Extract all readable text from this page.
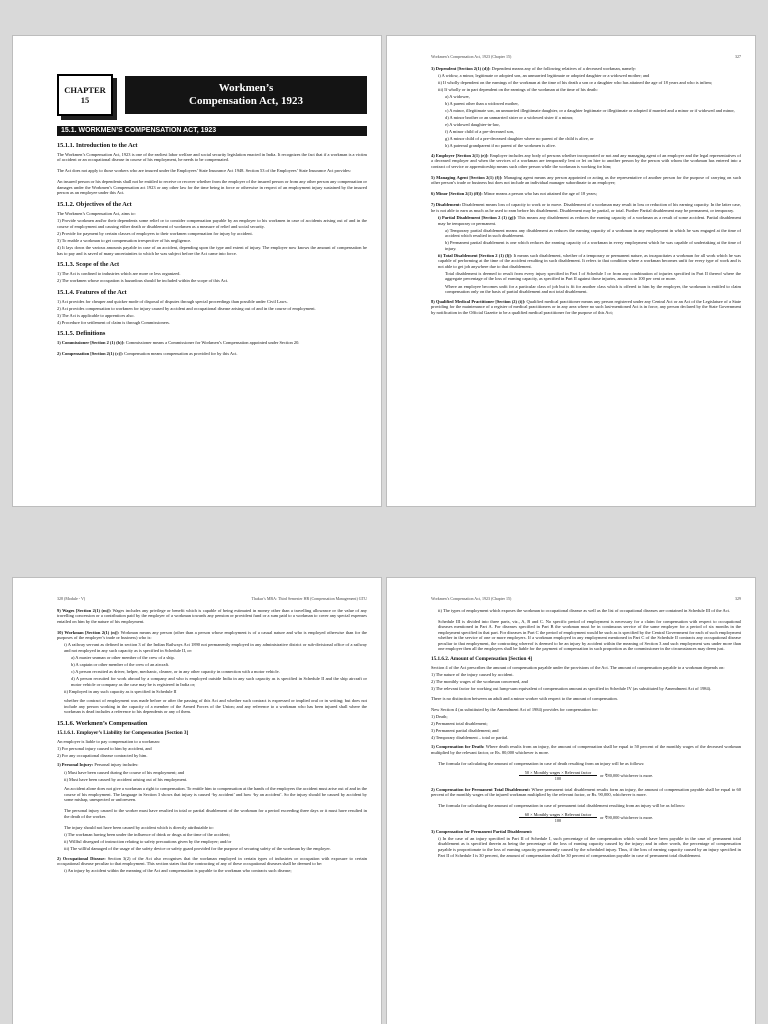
CHAPTER
15
Workmen’s
Compensation Act, 1923
15.1. WORKMEN’S COMPENSATION ACT, 1923
15.1.1. Introduction to the Act

The Workmen’s Compensation Act, 1923 is one of the earliest labor welfare and social security legislation enacted in India. It recognizes the fact that if a workman is a victim of accident or an occupational disease in course of his employment, he needs to be compensated.

The Act does not apply to those workers who are insured under the Employees’ State Insurance Act 1948. Section 53 of the Employees’ State Insurance Act provides:

An insured person or his dependents shall not be entitled to receive or recover whether from the employer of the insured person or from any other person any compensation or damages under the Workmen’s Compensation act 1923 or any other law for the time being in force or otherwise in respect of an employment injury sustained by the insured person as an employee under this Act.

15.1.2. Objectives of the Act
The Workmen’s Compensation Act, aims to:
1) Provide workmen and/or their dependents some relief or to consider compensation payable by an employer to his workmen in case of accidents arising out of and in the course of employment and causing either death or disablement of workmen as a measure of relief and social security.
2) Provide for payment by certain classes of employers to their workmen compensation for injury by accident.
3) To enable a workman to get compensation irrespective of his negligence.
4) It lays down the various amounts payable in case of an accident, depending upon the type and extent of injury. The employer now knows the amount of compensation he has to pay and is saved of many uncertainties to which he was subject before the Act came into force.
15.1.3. Scope of the Act
1) The Act is confined to industries which are more or less organized.
2) The workmen whose occupation is hazardous should be included within the scope of this Act.
15.1.4. Features of the Act
1) Act provides for cheaper and quicker mode of disposal of disputes through special proceedings than possible under Civil Laws.
2) Act provides compensation to workmen for injury caused by accident and occupational disease arising out of and in the course of employment.
3) The Act is applicable to apprentices also.
4) Procedure for settlement of claim is through Commissioners.
15.1.5. Definitions

1) Commissioner [Section 2 (1) (b)]: Commissioner means a Commissioner for Workmen’s Compensation appointed under Section 20.

2) Compensation [Section 2(1) (c)]: Compensation means compensation as provided for by this Act.

Workmen’s Compensation Act, 1923 (Chapter 15)	327
3) Dependent [Section 2(1) (d)]: Dependent means any of the following relatives of a deceased workman, namely:
i) A widow, a minor, legitimate or adopted son, an unmarried legitimate or adopted daughter or a widowed mother; and
ii) If wholly dependent on the earnings of the workman at the time of his death a son or a daughter who has attained the age of 18 years and who is infirm;
iii) If wholly or in part dependent on the earnings of the workman at the time of his death:
a) A widower,
b) A parent other than a widowed mother,
c) A minor, illegitimate son, an unmarried illegitimate daughter, or a daughter legitimate or illegitimate or adopted if married and a minor or if widowed and minor,
d) A minor brother or an unmarried sister or a widowed sister if a minor,
e) A widowed daughter-in-law,
f) A minor child of a pre-deceased son,
g) A minor child of a pre-deceased daughter where no parent of the child is alive, or
h) A paternal grandparent if no parent of the workmen is alive.

4) Employer [Section 2(1) (e)]: Employer includes any body of persons whether incorporated or not and any managing agent of an employer and the legal representatives of a deceased employer and when the services of a workman are temporarily lent or let on hire to another person by the person with whom the workman has entered into a contract of service or apprenticeship means such other person while the workman is working for him;

5) Managing Agent [Section 2(1) (f)]: Managing agent means any person appointed or acting as the representative of another person for the purpose of carrying on such other person’s trade or business but does not include an individual manager subordinate to an employer;

6) Minor [Section 2(1) (ff)]: Minor means a person who has not attained the age of 18 years;

7) Disablement: Disablement means loss of capacity to work or to move. Disablement of a workman may result in loss or reduction of his earning capacity. In the latter case, he is not able to earn as much as he used to earn before his disablement. Disablement may be partial, or total. Further Partial disablement may be permanent, or temporary.
i) Partial Disablement [Section 2 (1) (g)]: This means any disablement as reduces the earning capacity of a workman as a result of some accident. Partial disablement may be temporary or permanent.
a) Temporary partial disablement means any disablement as reduces the earning capacity of a workman in any employment in which he was engaged at the time of accident which resulted in such disablement.
b) Permanent partial disablement is one which reduces the earning capacity of a workman in every employment which he was capable of undertaking at the time of injury.
ii) Total Disablement [Section 2 (1) (l)]: It means such disablement, whether of a temporary or permanent nature, as incapacitates a workman for all work which he was capable of performing at the time of the accident resulting in such disablement. It refers to that condition where a workman becomes unfit for every type of work and is not able to get job anywhere due to that disablement.
Total disablement is deemed to result from every injury specified in Part I of Schedule I or from any combination of injuries specified in Part II thereof where the aggregate percentage of the loss of earning capacity, as specified in Part II against those injuries, amounts to 100 per cent or more.
Where an employee becomes unfit for a particular class of job but is fit for another class which is offered to him by the employer, the workman is entitled to claim compensation only on the basis of partial disablement and not total disablement.

8) Qualified Medical Practitioner [Section (2) (i)]: Qualified medical practitioner means any person registered under any Central Act or an Act of the Legislature of a State providing for the maintenance of a register of medical practitioners or in any area where no such last-mentioned Act is in force, any person declared by the State Government by notification in the Official Gazette to be a qualified medical practitioner for the purpose of this Act;

328 (Module - V)	Thakur’s MBA: Third Semester HR (Compensation Management) GTU

9) Wages [Section 2(1) (m)]: Wages includes any privilege or benefit which is capable of being estimated in money other than a travelling allowance or the value of any travelling concession or a contribution paid by the employer of a workman towards any pension or provident fund or a sum paid to a workman to cover any special expenses entailed on him by the nature of his employment.

10) Workman [Section 2(1) (n)]: Workman means any person (other than a person whose employment is of a casual nature and who is employed otherwise than for the purposes of the employer’s trade or business) who is:
i) A railway servant as defined in section 3 of the Indian Railways Act 1890 not permanently employed in any administrative district or sub-divisional office of a railway and not employed in any such capacity as is specified in Schedule II, or:
a) A master seaman or other member of the crew of a ship.
b) A captain or other member of the crew of an aircraft.
c) A person recruited as driver, helper, mechanic, cleaner, or in any other capacity in connection with a motor vehicle.
d) A person recruited for work abroad by a company and who is employed outside India in any such capacity as is specified in Schedule II and the ship aircraft or motor vehicle or company as the case may be is registered in India or;
ii) Employed in any such capacity as is specified in Schedule II

whether the contract of employment was made before or after the passing of this Act and whether such contract is expressed or implied oral or in writing; but does not include any person working in the capacity of a member of the Armed Forces of the Union; and any reference to a workman who has been injured shall where the workman is dead includes a reference to his dependents or any of them.

15.1.6. Workmen’s Compensation
15.1.6.1. Employer’s Liability for Compensation [Section 3]
An employer is liable to pay compensation to a workman:
1) For personal injury caused to him by accident, and
2) For any occupational disease contracted by him.
1) Personal Injury: Personal injury includes:
i) Must have been caused during the course of his employment; and
ii) Must have been caused by accident arising out of his employment.

An accident alone does not give a workman a right to compensation. To entitle him to compensation at the hands of the employers the accident must arise out of and in the course of his employment. The language in Section 3 shows that injury is caused ‘by accident’ and how ‘by an accident’. So the injury should be caused by accident by some mishap, unexpected or unforeseen.

The personal injury caused to the worker must have resulted in total or partial disablement of the workman for a period exceeding three days or it must have resulted in the death of the worker.

The injury should not have been caused by accident which is directly attributable to:
i) The workman having been under the influence of drink or drugs at the time of the accident;
ii) Willful disregard of instruction relating to safety precautions given by the employer; and/or
iii) The willful damaged of the usage of the safety device or safety guard provided for the purpose of securing safety of the workman by the employer.
2) Occupational Disease: Section 3(2) of the Act also recognises that the workman employed in certain types of industries or occupation with exposure to certain occupational disease peculiar to that employment. This section states that the contracting of any of these occupational diseases shall be deemed to be:
i) An injury by accident within the meaning of the Act and compensation is payable to the workman who contracts such disease;
Workmen’s Compensation Act, 1923 (Chapter 15)	329

ii) The types of employment which exposes the workman to occupational disease as well as the list of occupational diseases are contained in Schedule III of the Act.

Schedule III is divided into three parts, viz., A, B and C. No specific period of employment is necessary for a claim for compensation with respect to occupational diseases mentioned in Part A. For diseases specified in Part B the workman must be in continuous service of the same employer for a period of six months in the employment specified in that part. For diseases in Part C the period of employment would be such as is specified by the Central Government for each of such employment whether in the service of one or more employers. If a workman employed in any employment mentioned in Part C of the Schedule II contracts any occupational disease peculiar to that employment, the contracting whereof is deemed to be an injury by accident within the meaning of Section 3 and such employment was under more than one employer then all the employers shall be liable for the payment of compensation in such proportion as the commissioner in the circumstances may deem just.

15.1.6.2. Amount of Compensation [Section 4]
Section 4 of the Act prescribes the amount of compensation payable under the provisions of the Act. The amount of compensation payable to a workman depends on:
1) The nature of the injury caused by accident.
2) The monthly wages of the workman concerned, and
3) The relevant factor for working out lump-sum equivalent of compensation amount as specified in Schedule IV (as substituted by Amendment Act of 1984).

There is no distinction between an adult and a minor worker with respect to the amount of compensation.

New Section 4 (as substituted by the Amendment Act of 1984) provides for compensation for:
1) Death;
2) Permanent total disablement;
3) Permanent partial disablement; and
4) Temporary disablement – total or partial.

1) Compensation for Death: Where death results from an injury, the amount of compensation shall be equal to 50 percent of the monthly wages of the deceased workman multiplied by the relevant factor, or Rs. 80,000 whichever is more.

The formula for calculating the amount of compensation in case of death resulting from an injury will be as follows:
50 × Monthly wages × Relevant factor
100
or ₹80,000 whichever is more.

2) Compensation for Permanent Total Disablement: Where permanent total disablement results form an injury, the amount of compensation payable shall be equal to 60 percent of the monthly wages of the injured workman multiplied by the relevant factor, or Rs. 90,000, whichever is more.

The formula for calculating the amount of compensation in case of permanent total disablement resulting from an injury will be as follows:
60 × Monthly wages × Relevant factor
100
or ₹90,000 whichever is more.
3) Compensation for Permanent Partial Disablement:
i) In the case of an injury specified in Part II of Schedule I, such percentage of the compensation which would have been payable in the case of permanent total disablement as is specified therein as being the percentage of the loss of earning capacity caused by the injury; and in other words, the percentage of compensation payable is proportionate to the loss of earning capacity permanently caused by the scheduled injury. Thus, if the loss of earning capacity caused by an injury specified in Part II of Schedule I is 30 percent, the amount of compensation shall be 30 percent of compensation payable in case of permanent total disablement.
